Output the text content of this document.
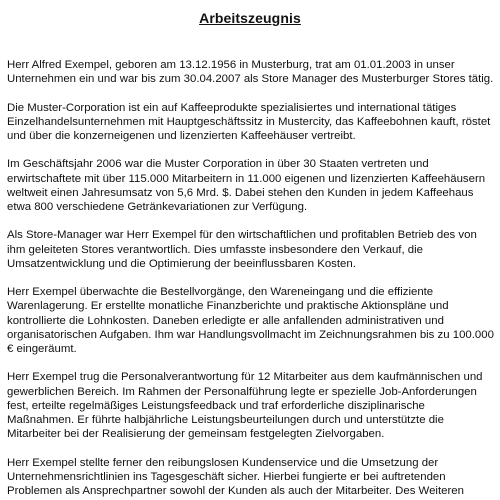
Arbeitszeugnis

Herr Alfred Exempel, geboren am 13.12.1956 in Musterburg, trat am 01.01.2003 in unser Unternehmen ein und war bis zum 30.04.2007 als Store Manager des Musterburger Stores tätig.

Die Muster-Corporation ist ein auf Kaffeeprodukte spezialisiertes und international tätiges Einzelhandelsunternehmen mit Hauptgeschäftssitz in Mustercity, das Kaffeebohnen kauft, röstet und über die konzerneigenen und lizenzierten Kaffeehäuser vertreibt.

Im Geschäftsjahr 2006 war die Muster Corporation in über 30 Staaten vertreten und erwirtschaftete mit über 115.000 Mitarbeitern in 11.000 eigenen und lizenzierten Kaffeehäusern weltweit einen Jahresumsatz von 5,6 Mrd. $. Dabei stehen den Kunden in jedem Kaffeehaus etwa 800 verschiedene Getränkevariationen zur Verfügung.

Als Store-Manager war Herr Exempel für den wirtschaftlichen und profitablen Betrieb des von ihm geleiteten Stores verantwortlich. Dies umfasste insbesondere den Verkauf, die Umsatzentwicklung und die Optimierung der beeinflussbaren Kosten.

Herr Exempel überwachte die Bestellvorgänge, den Wareneingang und die effiziente Warenlagerung. Er erstellte monatliche Finanzberichte und praktische Aktionspläne und kontrollierte die Lohnkosten. Daneben erledigte er alle anfallenden administrativen und organisatorischen Aufgaben. Ihm war Handlungsvollmacht im Zeichnungsrahmen bis zu 100.000 € eingeräumt.

Herr Exempel trug die Personalverantwortung für 12 Mitarbeiter aus dem kaufmännischen und gewerblichen Bereich. Im Rahmen der Personalführung legte er spezielle Job-Anforderungen fest, erteilte regelmäßiges Leistungsfeedback und traf erforderliche disziplinarische Maßnahmen. Er führte halbjährliche Leistungsbeurteilungen durch und unterstützte die Mitarbeiter bei der Realisierung der gemeinsam festgelegten Zielvorgaben.

Herr Exempel stellte ferner den reibungslosen Kundenservice und die Umsetzung der Unternehmensrichtlinien ins Tagesgeschäft sicher. Hierbei fungierte er bei auftretenden Problemen als Ansprechpartner sowohl der Kunden als auch der Mitarbeiter. Des Weiteren
